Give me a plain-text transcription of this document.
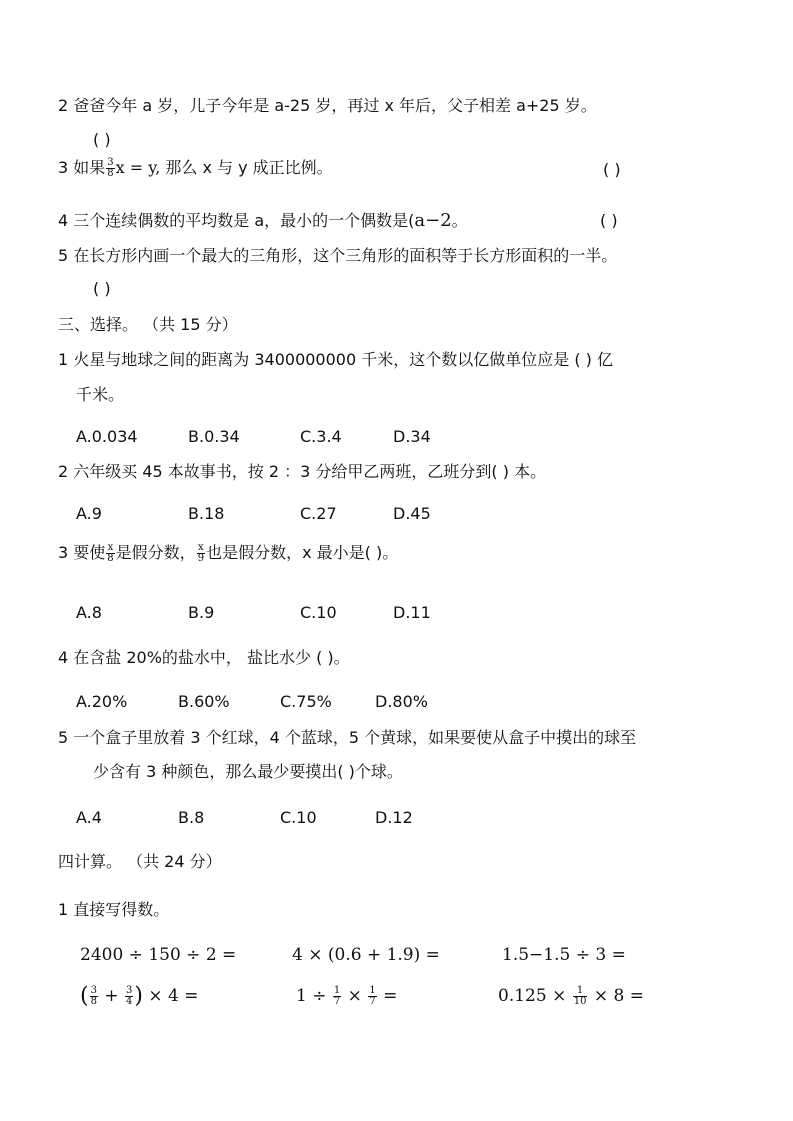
2 爸爸今年 a 岁，儿子今年是 a-25 岁，再过 x 年后，父子相差 a+25 岁。
( )
3 如果 $\frac{3}{8}$ x = y, 那么 x 与 y 成正比例。	( )
4 三个连续偶数的平均数是 a，最小的一个偶数是(a−2。	( )
5 在长方形内画一个最大的三角形，这个三角形的面积等于长方形面积的一半。
( )
三、选择。 （共 15 分）
1 火星与地球之间的距离为 3400000000 千米，这个数以亿做单位应是 ( ) 亿
千米。
A.0.034	B.0.34	C.3.4	D.34
2 六年级买 45 本故事书，按 2 ：3 分给甲乙两班，乙班分到( ) 本。
A.9	B.18	C.27	D.45
3 要使 $\frac{x}{8}$ 是假分数， $\frac{x}{9}$ 也是假分数，x 最小是( )。
A.8	B.9	C.10	D.11
4 在含盐 20%的盐水中， 盐比水少 ( )。
A.20%	B.60%	C.75%	D.80%
5 一个盒子里放着 3 个红球，4 个蓝球，5 个黄球，如果要使从盒子中摸出的球至
少含有 3 种颜色，那么最少要摸出( )个球。
A.4	B.8	C.10	D.12
四计算。 （共 24 分）
1 直接写得数。
2400 ÷ 150 ÷ 2 =	4 × (0.6 + 1.9) =	1.5−1.5 ÷ 3 =
( $\frac{3}{8} + \frac{3}{4}$ ) × 4 =	$1 \div \frac{1}{7} \times \frac{1}{7}$ =	$0.125 \times \frac{1}{10} \times 8$ =
